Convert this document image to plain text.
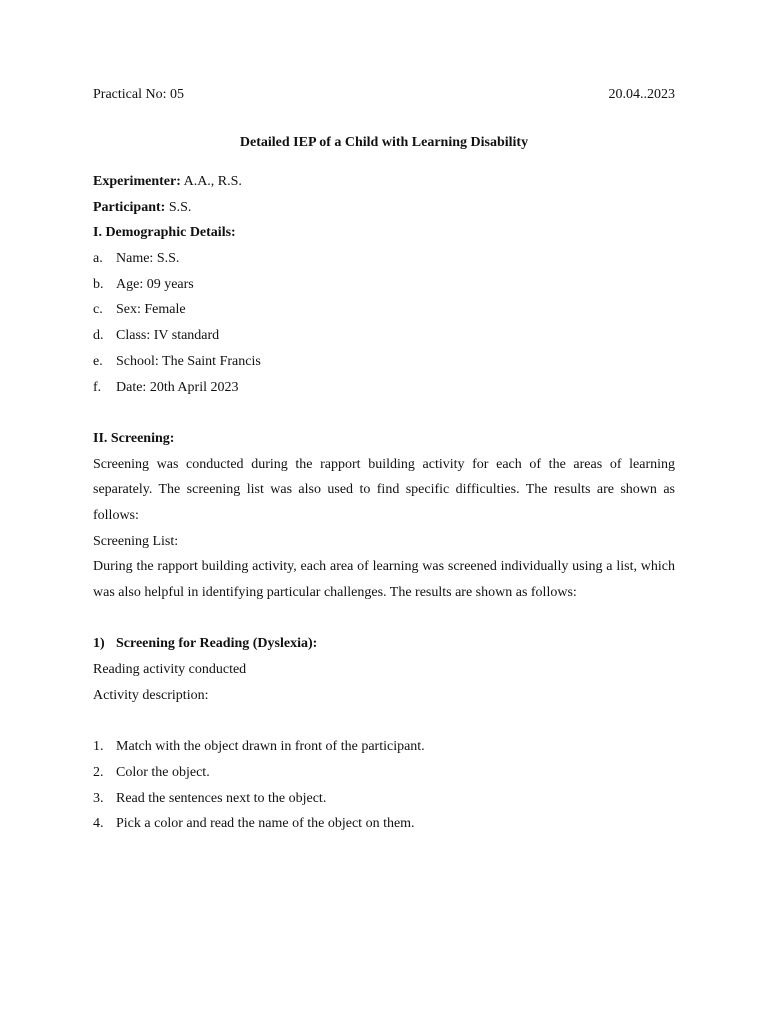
Practical No: 05	20.04..2023
Detailed IEP of a Child with Learning Disability
Experimenter: A.A., R.S.
Participant: S.S.
I. Demographic Details:
a. Name: S.S.
b. Age: 09 years
c. Sex: Female
d. Class: IV standard
e. School: The Saint Francis
f.	Date: 20th April 2023
II. Screening:
Screening was conducted during the rapport building activity for each of the areas of learning separately. The screening list was also used to find specific difficulties. The results are shown as follows:
Screening List:
During the rapport building activity, each area of learning was screened individually using a list, which was also helpful in identifying particular challenges. The results are shown as follows:
1) Screening for Reading (Dyslexia):
Reading activity conducted
Activity description:
1. Match with the object drawn in front of the participant.
2. Color the object.
3. Read the sentences next to the object.
4. Pick a color and read the name of the object on them.
